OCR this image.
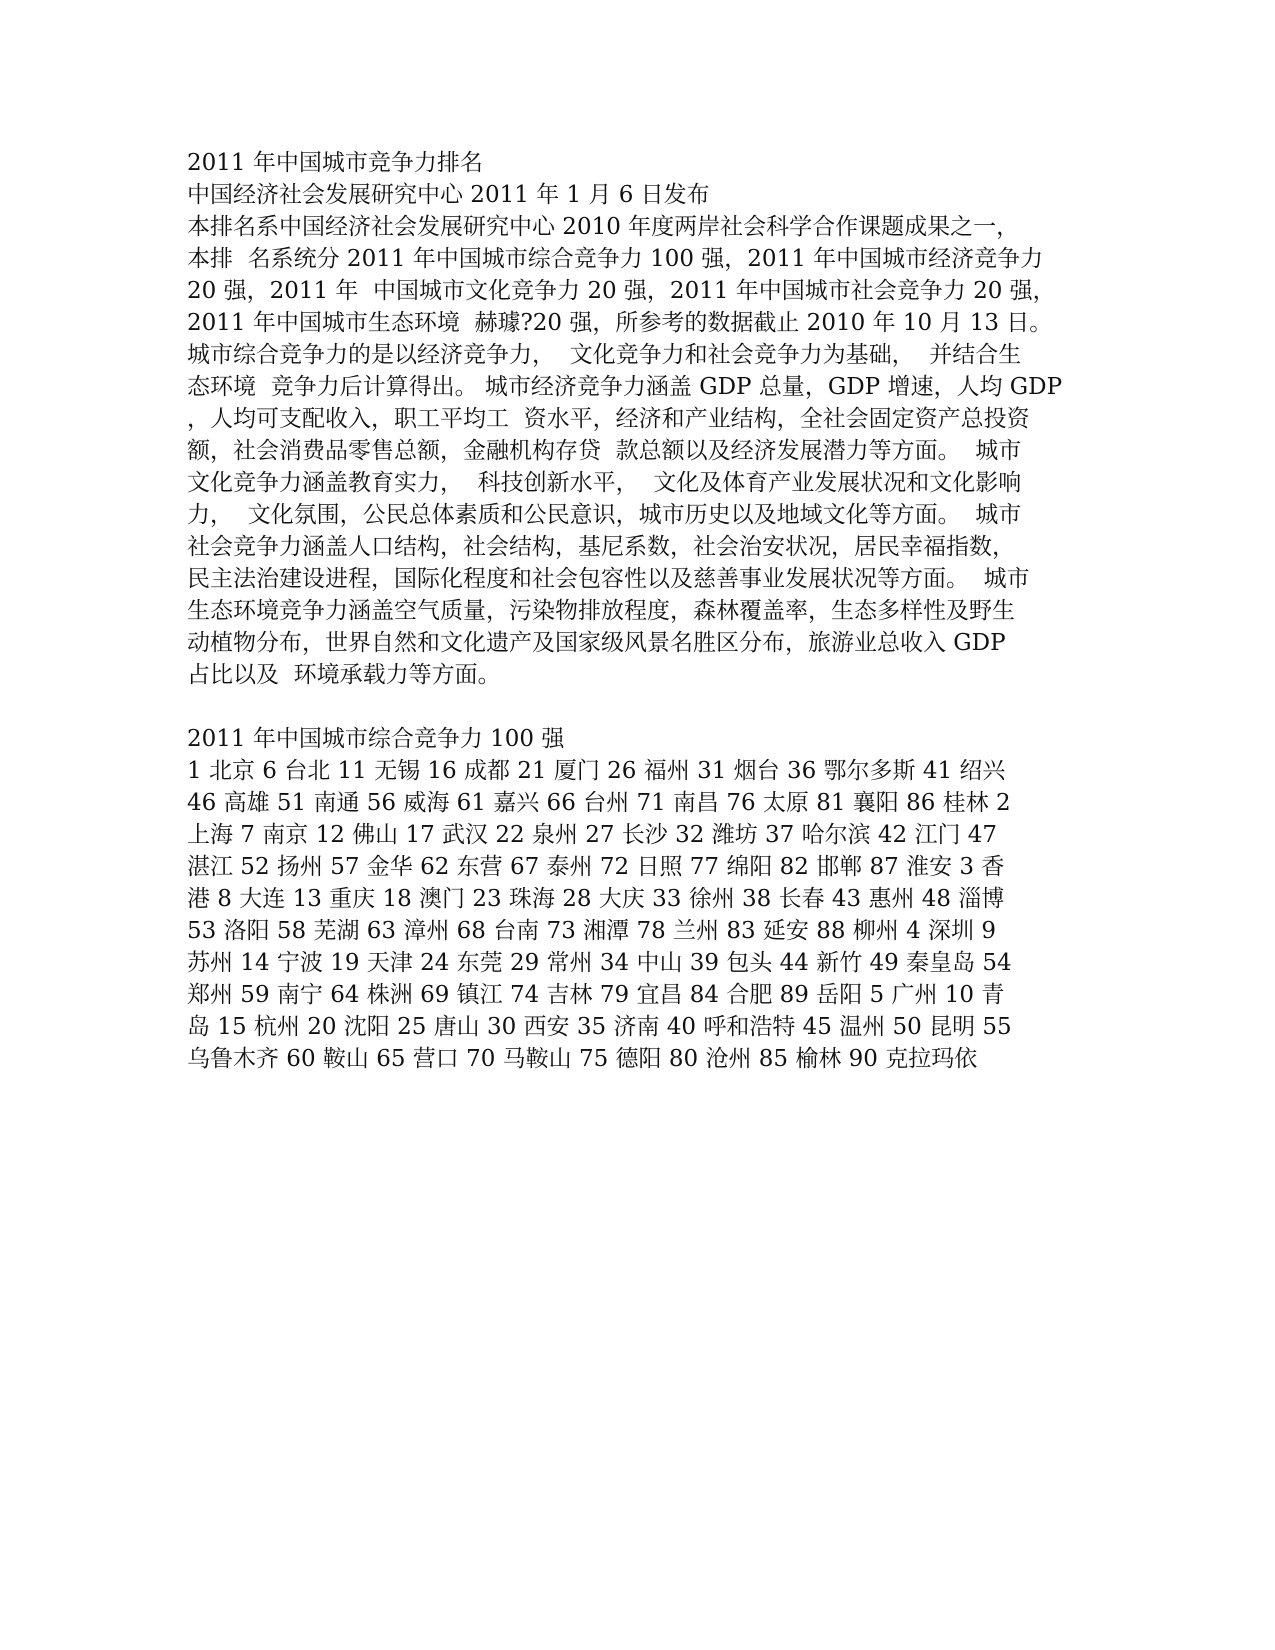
2011 年中国城市竞争力排名
中国经济社会发展研究中心 2011 年 1 月 6 日发布
本排名系中国经济社会发展研究中心 2010 年度两岸社会科学合作课题成果之一，
本排  名系统分 2011 年中国城市综合竞争力 100 强，2011 年中国城市经济竞争力
20 强，2011 年  中国城市文化竞争力 20 强，2011 年中国城市社会竞争力 20 强，
2011 年中国城市生态环境  赫璩?20 强，所参考的数据截止 2010 年 10 月 13 日。
城市综合竞争力的是以经济竞争力，  文化竞争力和社会竞争力为基础，  并结合生
态环境  竞争力后计算得出。 城市经济竞争力涵盖 GDP 总量，GDP 增速，人均 GDP
，人均可支配收入，职工平均工  资水平，经济和产业结构，全社会固定资产总投资
额，社会消费品零售总额，金融机构存贷  款总额以及经济发展潜力等方面。  城市
文化竞争力涵盖教育实力，  科技创新水平，  文化及体育产业发展状况和文化影响
力，  文化氛围，公民总体素质和公民意识，城市历史以及地域文化等方面。  城市
社会竞争力涵盖人口结构，社会结构，基尼系数，社会治安状况，居民幸福指数，
民主法治建设进程，国际化程度和社会包容性以及慈善事业发展状况等方面。  城市
生态环境竞争力涵盖空气质量，污染物排放程度，森林覆盖率，生态多样性及野生
动植物分布，世界自然和文化遗产及国家级风景名胜区分布，旅游业总收入 GDP
占比以及  环境承载力等方面。
2011 年中国城市综合竞争力 100 强
1 北京 6 台北 11 无锡 16 成都 21 厦门 26 福州 31 烟台 36 鄂尔多斯 41 绍兴
46 高雄 51 南通 56 威海 61 嘉兴 66 台州 71 南昌 76 太原 81 襄阳 86 桂林 2
上海 7 南京 12 佛山 17 武汉 22 泉州 27 长沙 32 潍坊 37 哈尔滨 42 江门 47
湛江 52 扬州 57 金华 62 东营 67 泰州 72 日照 77 绵阳 82 邯郸 87 淮安 3 香
港 8 大连 13 重庆 18 澳门 23 珠海 28 大庆 33 徐州 38 长春 43 惠州 48 淄博
53 洛阳 58 芜湖 63 漳州 68 台南 73 湘潭 78 兰州 83 延安 88 柳州 4 深圳 9
苏州 14 宁波 19 天津 24 东莞 29 常州 34 中山 39 包头 44 新竹 49 秦皇岛 54
郑州 59 南宁 64 株洲 69 镇江 74 吉林 79 宜昌 84 合肥 89 岳阳 5 广州 10 青
岛 15 杭州 20 沈阳 25 唐山 30 西安 35 济南 40 呼和浩特 45 温州 50 昆明 55
乌鲁木齐 60 鞍山 65 营口 70 马鞍山 75 德阳 80 沧州 85 榆林 90 克拉玛依
